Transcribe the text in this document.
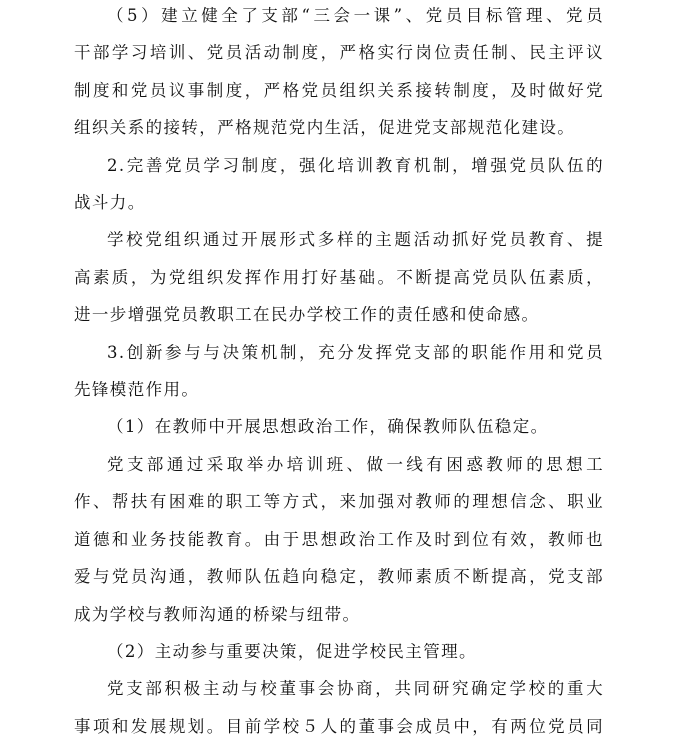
（5）建立健全了支部“三会一课”、党员目标管理、党员
干部学习培训、党员活动制度，严格实行岗位责任制、民主评议
制度和党员议事制度，严格党员组织关系接转制度，及时做好党
组织关系的接转，严格规范党内生活，促进党支部规范化建设。
2.完善党员学习制度，强化培训教育机制，增强党员队伍的
战斗力。
学校党组织通过开展形式多样的主题活动抓好党员教育、提
高素质，为党组织发挥作用打好基础。不断提高党员队伍素质，
进一步增强党员教职工在民办学校工作的责任感和使命感。
3.创新参与与决策机制，充分发挥党支部的职能作用和党员
先锋模范作用。
（1）在教师中开展思想政治工作，确保教师队伍稳定。
党支部通过采取举办培训班、做一线有困惑教师的思想工
作、帮扶有困难的职工等方式，来加强对教师的理想信念、职业
道德和业务技能教育。由于思想政治工作及时到位有效，教师也
爱与党员沟通，教师队伍趋向稳定，教师素质不断提高，党支部
成为学校与教师沟通的桥梁与纽带。
（2）主动参与重要决策，促进学校民主管理。
党支部积极主动与校董事会协商，共同研究确定学校的重大
事项和发展规划。目前学校５人的董事会成员中，有两位党员同
